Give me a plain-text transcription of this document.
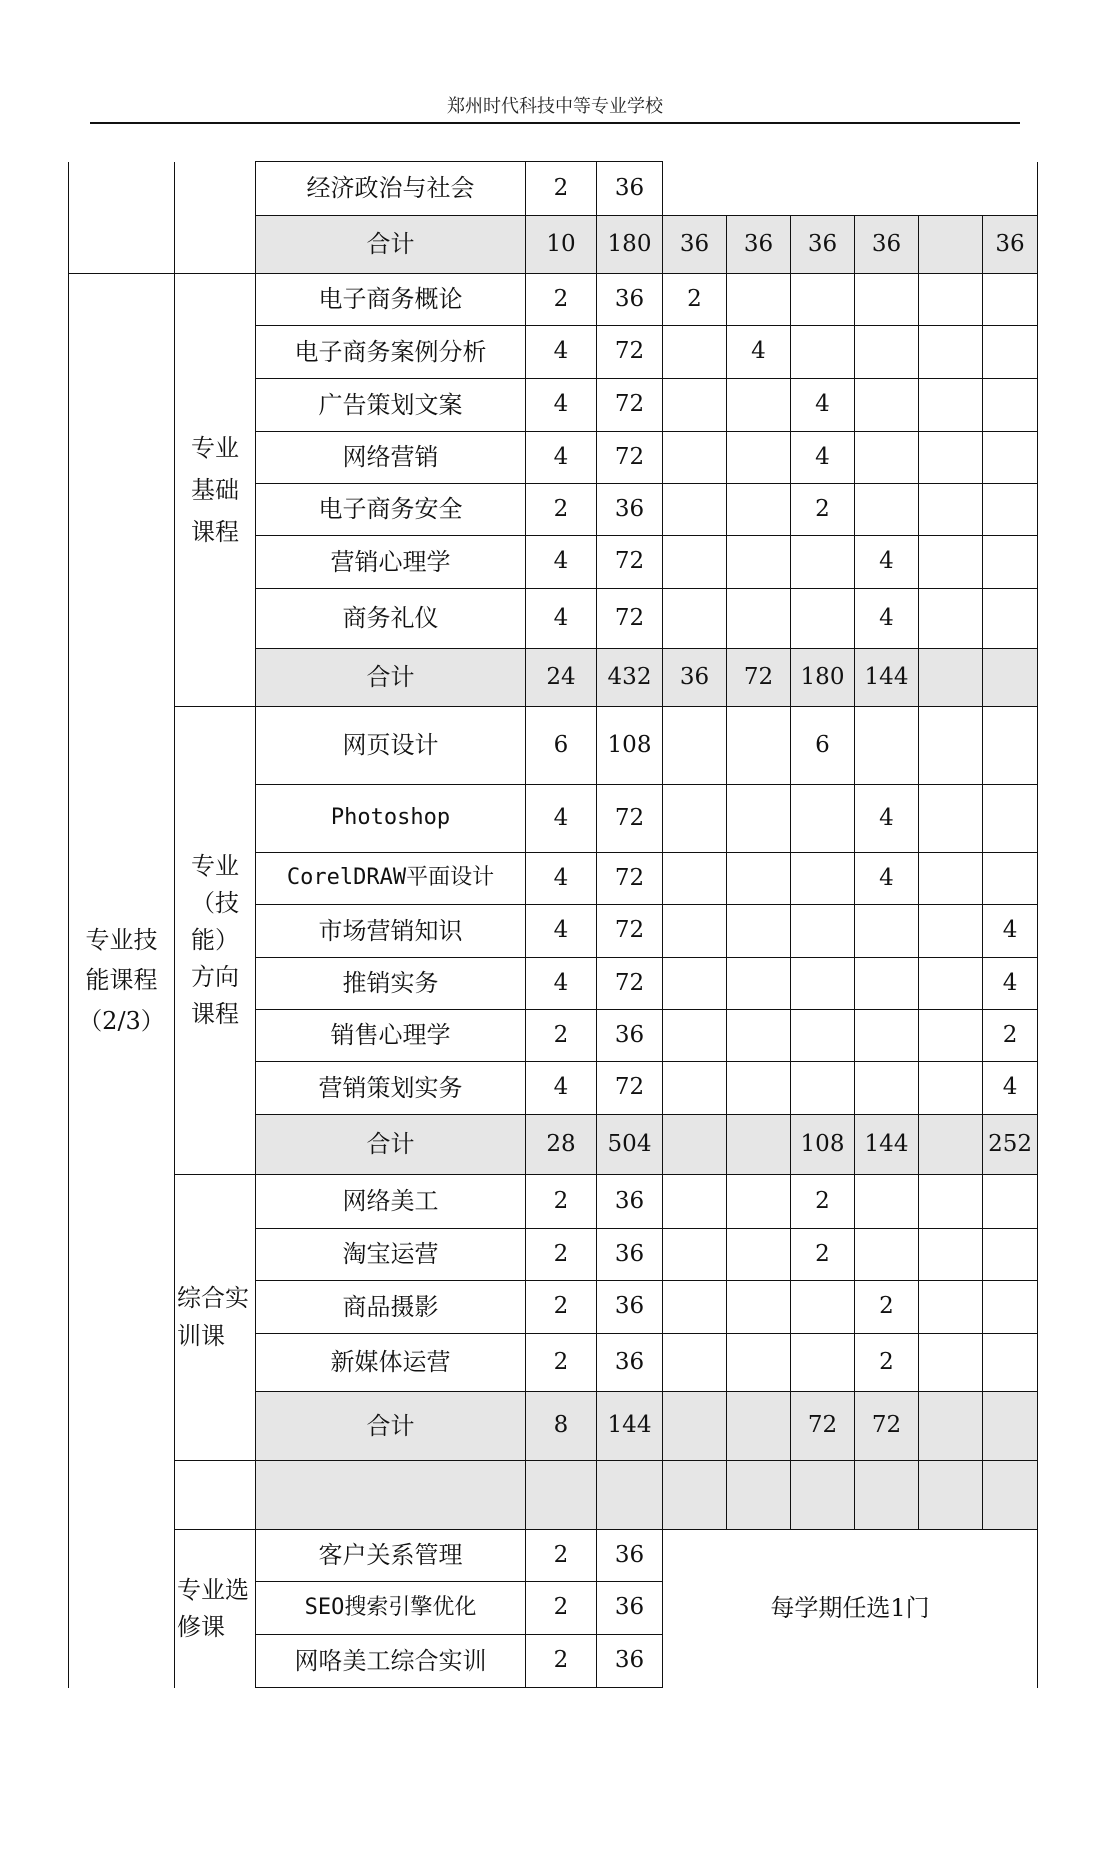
郑州时代科技中等专业学校
		经济政治与社会	2	36						
		合计	10	180	36	36	36	36		36
专业技
能课程
（2/3）	专业
基础
课程	电子商务概论	2	36	2					
		电子商务案例分析	4	72		4				
		广告策划文案	4	72			4			
		网络营销	4	72			4			
		电子商务安全	2	36			2			
		营销心理学	4	72				4		
		商务礼仪	4	72				4		
		合计	24	432	36	72	180	144		
	专业
（技
能）
方向
课程	网页设计	6	108			6			
		Photoshop	4	72				4		
		CorelDRAW平面设计	4	72				4		
		市场营销知识	4	72						4
		推销实务	4	72						4
		销售心理学	2	36						2
		营销策划实务	4	72						4
		合计	28	504			108	144		252
	综合实
训课	网络美工	2	36			2			
		淘宝运营	2	36			2			
		商品摄影	2	36				2		
		新媒体运营	2	36				2		
		合计	8	144			72	72		

	专业选
修课	客户关系管理	2	36	每学期任选1门					
		SEO搜索引擎优化	2	36						
		网咯美工综合实训	2	36						
